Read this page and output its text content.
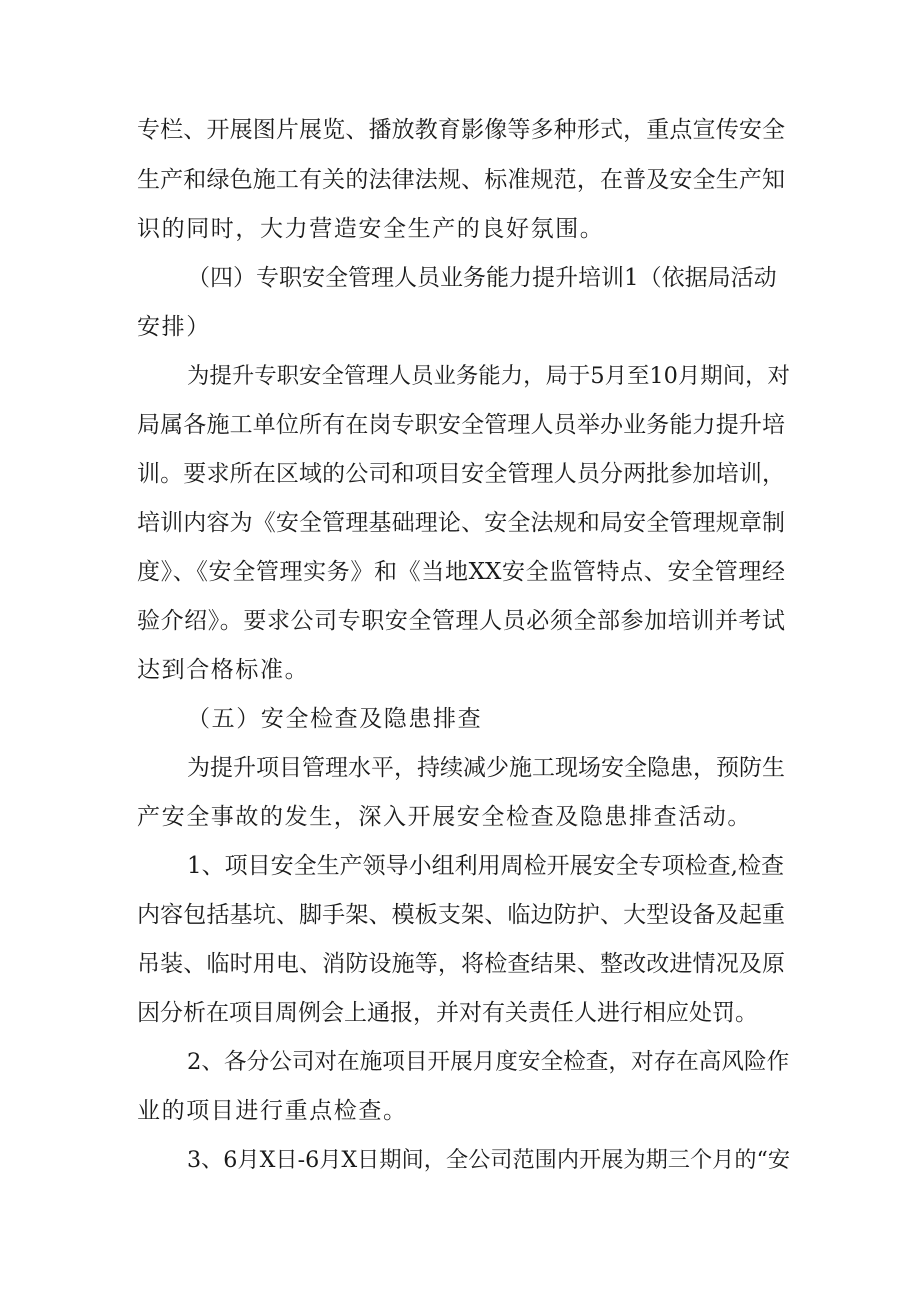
专栏、开展图片展览、播放教育影像等多种形式，重点宣传安全
生产和绿色施工有关的法律法规、标准规范，在普及安全生产知
识的同时，大力营造安全生产的良好氛围。
（四）专职安全管理人员业务能力提升培训1（依据局活动
安排）
为提升专职安全管理人员业务能力，局于5月至10月期间，对
局属各施工单位所有在岗专职安全管理人员举办业务能力提升培
训。要求所在区域的公司和项目安全管理人员分两批参加培训，
培训内容为《安全管理基础理论、安全法规和局安全管理规章制
度》、《安全管理实务》和《当地XX安全监管特点、安全管理经
验介绍》。要求公司专职安全管理人员必须全部参加培训并考试
达到合格标准。
（五）安全检查及隐患排查
为提升项目管理水平，持续减少施工现场安全隐患，预防生
产安全事故的发生，深入开展安全检查及隐患排查活动。
1、项目安全生产领导小组利用周检开展安全专项检查,检查
内容包括基坑、脚手架、模板支架、临边防护、大型设备及起重
吊装、临时用电、消防设施等，将检查结果、整改改进情况及原
因分析在项目周例会上通报，并对有关责任人进行相应处罚。
2、各分公司对在施项目开展月度安全检查，对存在高风险作
业的项目进行重点检查。
3、6月X日-6月X日期间，全公司范围内开展为期三个月的“安
